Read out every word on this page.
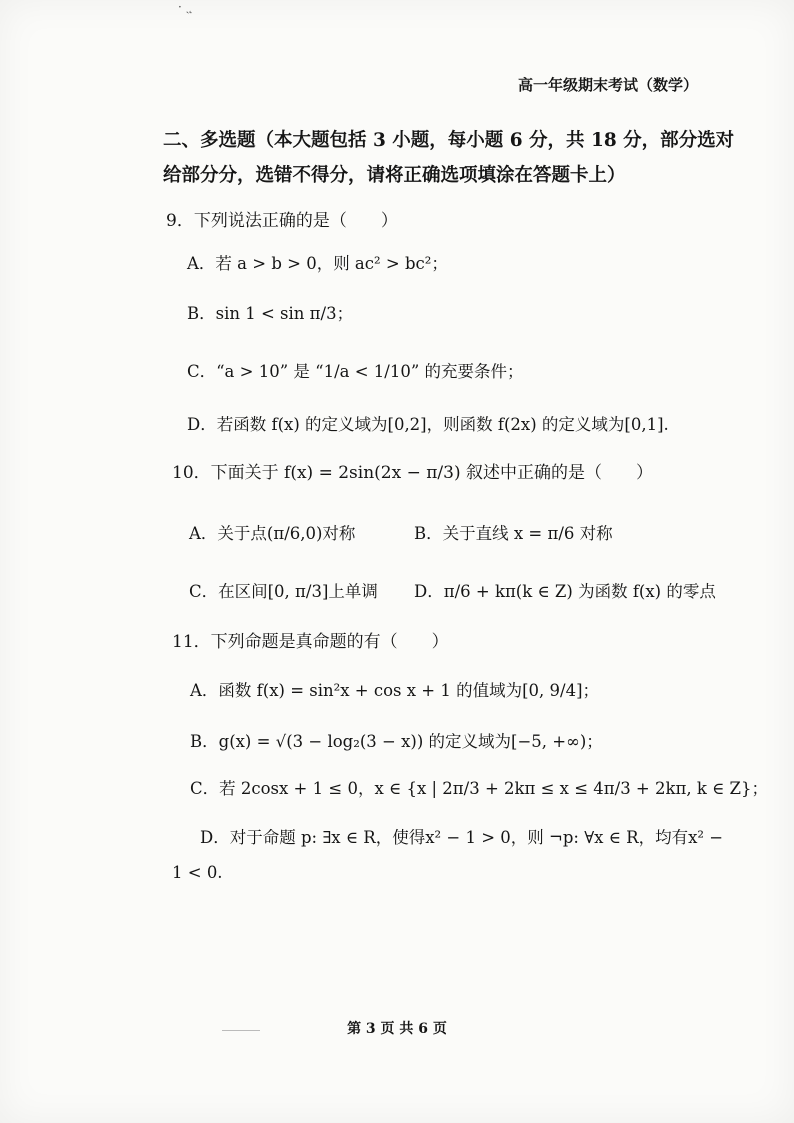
· ˎ ̨
高一年级期末考试（数学）
二、多选题（本大题包括 3 小题，每小题 6 分，共 18 分，部分选对
给部分分，选错不得分，请将正确选项填涂在答题卡上）
9．下列说法正确的是（　　）
A．若 a > b > 0，则 ac² > bc²；
B．sin 1 < sin π/3；
C．“a > 10” 是 “1/a < 1/10” 的充要条件；
D．若函数 f(x) 的定义域为[0,2]，则函数 f(2x) 的定义域为[0,1].
10．下面关于 f(x) = 2sin(2x − π/3) 叙述中正确的是（　　）
A．关于点(π/6,0)对称	B．关于直线 x = π/6 对称
C．在区间[0, π/3]上单调 D．π/6 + kπ(k ∈ Z) 为函数 f(x) 的零点
11．下列命题是真命题的有（　　）
A．函数 f(x) = sin²x + cos x + 1 的值域为[0, 9/4]；
B．g(x) = √(3 − log₂(3 − x)) 的定义域为[−5, +∞)；
C．若 2cosx + 1 ≤ 0，x ∈ {x | 2π/3 + 2kπ ≤ x ≤ 4π/3 + 2kπ, k ∈ Z}；
D．对于命题 p: ∃x ∈ R，使得x² − 1 > 0，则 ¬p: ∀x ∈ R，均有x² −
1 < 0.
第 3 页 共 6 页
